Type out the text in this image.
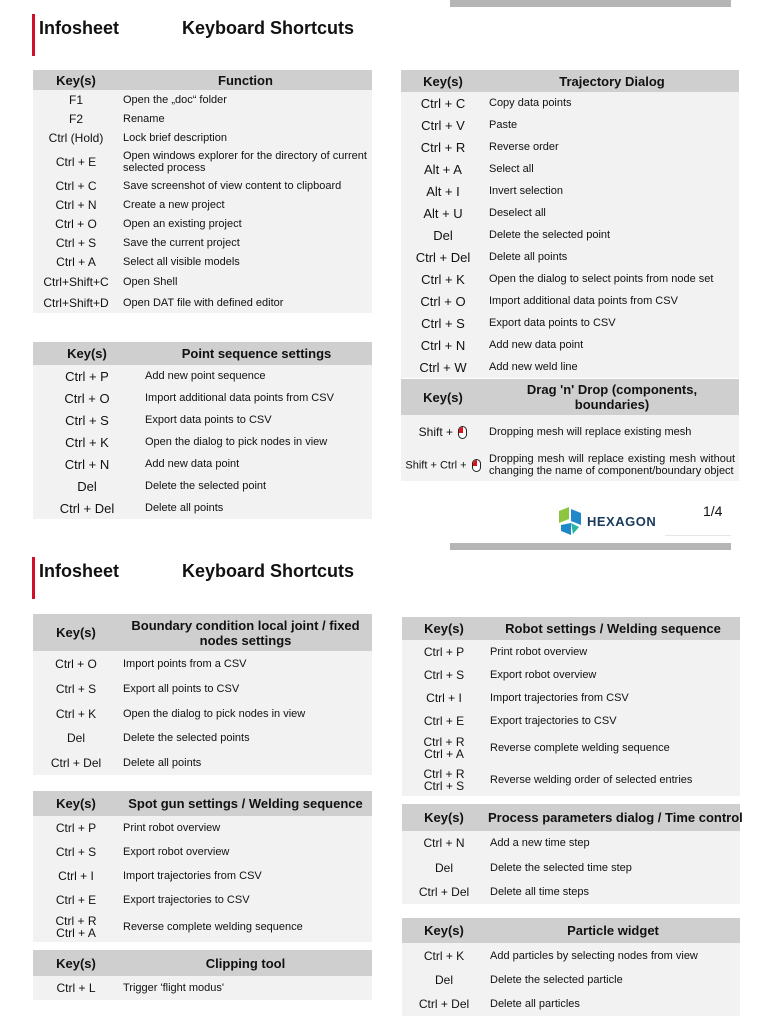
Infosheet	Keyboard Shortcuts
Key(s)	Function
F1	Open the „doc“ folder
F2	Rename
Ctrl (Hold)	Lock brief description
Ctrl + E	Open windows explorer for the directory of current selected process
Ctrl + C	Save screenshot of view content to clipboard
Ctrl + N	Create a new project
Ctrl + O	Open an existing project
Ctrl + S	Save the current project
Ctrl + A	Select all visible models
Ctrl+Shift+C	Open Shell
Ctrl+Shift+D	Open DAT file with defined editor
Key(s)	Point sequence settings
Ctrl + P	Add new point sequence
Ctrl + O	Import additional data points from CSV
Ctrl + S	Export data points to CSV
Ctrl + K	Open the dialog to pick nodes in view
Ctrl + N	Add new data point
Del	Delete the selected point
Ctrl + Del	Delete all points
Key(s)	Trajectory Dialog
Ctrl + C	Copy data points
Ctrl + V	Paste
Ctrl + R	Reverse order
Alt + A	Select all
Alt + I	Invert selection
Alt + U	Deselect all
Del	Delete the selected point
Ctrl + Del	Delete all points
Ctrl + K	Open the dialog to select points from node set
Ctrl + O	Import additional data points from CSV
Ctrl + S	Export data points to CSV
Ctrl + N	Add new data point
Ctrl + W	Add new weld line
Key(s)	Drag 'n' Drop (components, boundaries)
Shift +	Dropping mesh will replace existing mesh
Shift + Ctrl +	Dropping mesh will replace existing mesh without changing the name of component/boundary object
HEXAGON
1/4
Infosheet	Keyboard Shortcuts
Key(s)	Boundary condition local joint / fixed nodes settings
Ctrl + O	Import points from a CSV
Ctrl + S	Export all points to CSV
Ctrl + K	Open the dialog to pick nodes in view
Del	Delete the selected points
Ctrl + Del	Delete all points
Key(s)	Spot gun settings / Welding sequence
Ctrl + P	Print robot overview
Ctrl + S	Export robot overview
Ctrl + I	Import trajectories from CSV
Ctrl + E	Export trajectories to CSV
Ctrl + R
Ctrl + A	Reverse complete welding sequence
Key(s)	Clipping tool
Ctrl + L	Trigger 'flight modus'
Key(s)	Robot settings / Welding sequence
Ctrl + P	Print robot overview
Ctrl + S	Export robot overview
Ctrl + I	Import trajectories from CSV
Ctrl + E	Export trajectories to CSV
Ctrl + R
Ctrl + A	Reverse complete welding sequence
Ctrl + R
Ctrl + S	Reverse welding order of selected entries
Key(s)	Process parameters dialog / Time control
Ctrl + N	Add a new time step
Del	Delete the selected time step
Ctrl + Del	Delete all time steps
Key(s)	Particle widget
Ctrl + K	Add particles by selecting nodes from view
Del	Delete the selected particle
Ctrl + Del	Delete all particles
